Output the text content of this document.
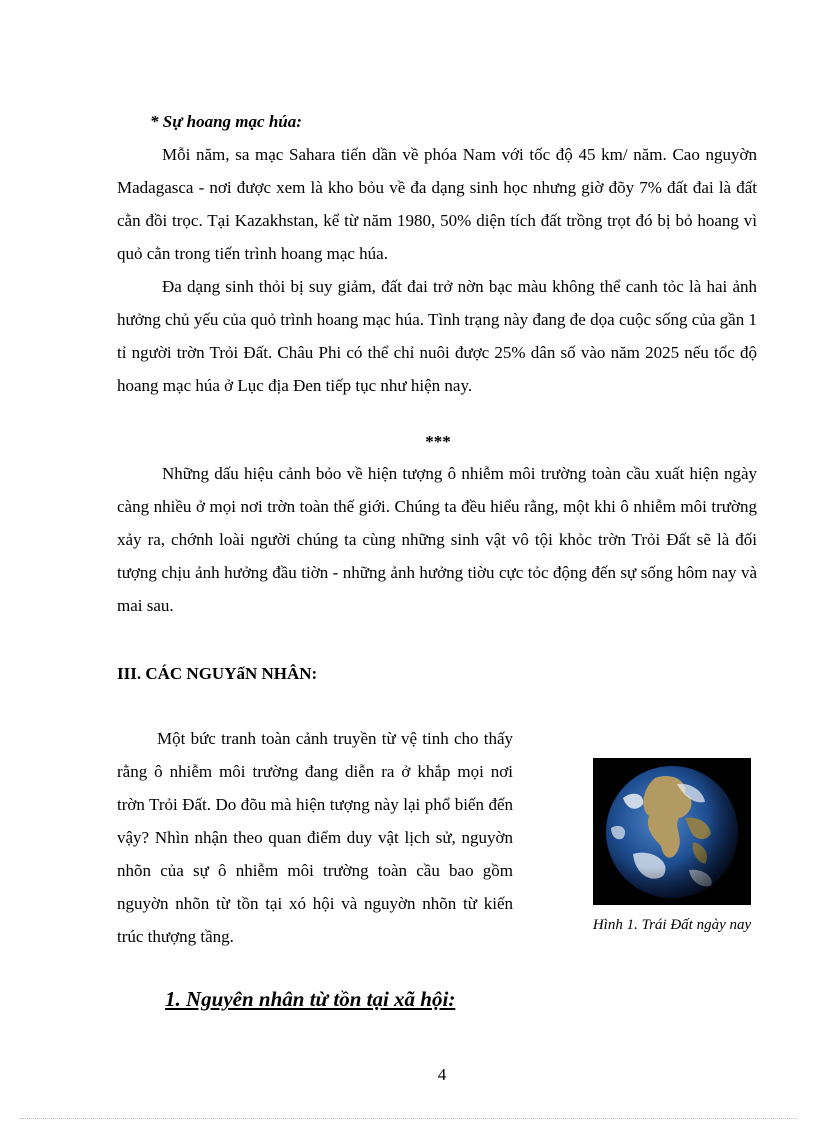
* Sự hoang mạc húa:

Mỗi năm, sa mạc Sahara tiến dần về phóa Nam với tốc độ 45 km/ năm. Cao nguyờn Madagasca - nơi được xem là kho bỏu về đa dạng sinh học nhưng giờ đõy 7% đất đai là đất cằn đồi trọc. Tại Kazakhstan, kể từ năm 1980, 50% diện tích đất trồng trọt đó bị bỏ hoang vì quỏ cằn trong tiến trình hoang mạc húa.

Đa dạng sinh thỏi bị suy giảm, đất đai trở nờn bạc màu không thể canh tỏc là hai ảnh hưởng chủ yếu của quỏ trình hoang mạc húa. Tình trạng này đang đe dọa cuộc sống của gần 1 tỉ người trờn Trỏi Đất. Châu Phi có thể chỉ nuôi được 25% dân số vào năm 2025 nếu tốc độ hoang mạc húa ở Lục địa Đen tiếp tục như hiện nay.

***

Những dấu hiệu cảnh bỏo về hiện tượng ô nhiễm môi trường toàn cầu xuất hiện ngày càng nhiều ở mọi nơi trờn toàn thế giới. Chúng ta đều hiểu rằng, một khi ô nhiễm môi trường xảy ra, chớnh loài người chúng ta cùng những sinh vật vô tội khỏc trờn Trỏi Đất sẽ là đối tượng chịu ảnh hưởng đầu tiờn - những ảnh hưởng tiờu cực tỏc động đến sự sống hôm nay và mai sau.

III. CÁC NGUYấN NHÂN:

Một bức tranh toàn cảnh truyền từ vệ tinh cho thấy rằng ô nhiễm môi trường đang diễn ra ở khắp mọi nơi trờn Trỏi Đất. Do đõu mà hiện tượng này lại phổ biến đến vậy? Nhìn nhận theo quan điểm duy vật lịch sử, nguyờn nhõn của sự ô nhiễm môi trường toàn cầu bao gồm nguyờn nhõn từ tồn tại xó hội và nguyờn nhõn từ kiến trúc thượng tầng.

Hình 1. Trái Đất ngày nay

1. Nguyên nhân từ tồn tại xã hội:

4
